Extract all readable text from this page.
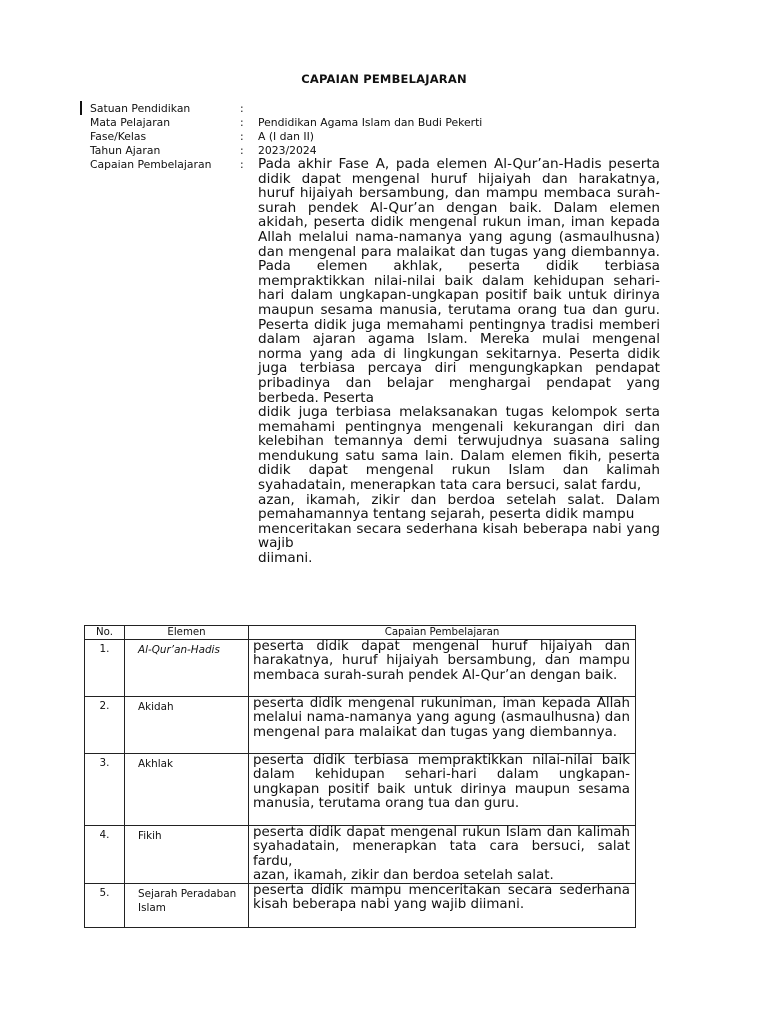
CAPAIAN PEMBELAJARAN
Satuan Pendidikan	:
Mata Pelajaran	:	Pendidikan Agama Islam dan Budi Pekerti
Fase/Kelas	:	A (I dan II)
Tahun Ajaran	:	2023/2024
Capaian Pembelajaran	:	Pada akhir Fase A, pada elemen Al-Qur’an-Hadis peserta didik dapat mengenal huruf hijaiyah dan harakatnya, huruf hijaiyah bersambung, dan mampu membaca surah-surah pendek Al-Qur’an dengan baik. Dalam elemen akidah, peserta didik mengenal rukun iman, iman kepada Allah melalui nama-namanya yang agung (asmaulhusna) dan mengenal para malaikat dan tugas yang diembannya. Pada elemen akhlak, peserta didik terbiasa mempraktikkan nilai-nilai baik dalam kehidupan sehari-hari dalam ungkapan-ungkapan positif baik untuk dirinya maupun sesama manusia, terutama orang tua dan guru. Peserta didik juga memahami pentingnya tradisi memberi dalam ajaran agama Islam. Mereka mulai mengenal norma yang ada di lingkungan sekitarnya. Peserta didik juga terbiasa percaya diri mengungkapkan pendapat pribadinya dan belajar menghargai pendapat yang berbeda. Peserta
didik juga terbiasa melaksanakan tugas kelompok serta memahami pentingnya mengenali kekurangan diri dan kelebihan temannya demi terwujudnya suasana saling mendukung satu sama lain. Dalam elemen fikih, peserta didik dapat mengenal rukun Islam dan kalimah syahadatain, menerapkan tata cara bersuci, salat fardu,
azan, ikamah, zikir dan berdoa setelah salat. Dalam pemahamannya tentang sejarah, peserta didik mampu
menceritakan secara sederhana kisah beberapa nabi yang wajib
diimani.
No.	Elemen	Capaian Pembelajaran
1.	Al-Qur’an-Hadis	peserta didik dapat mengenal huruf hijaiyah dan harakatnya, huruf hijaiyah bersambung, dan mampu membaca surah-surah pendek Al-Qur’an dengan baik.
2.	Akidah	peserta didik mengenal rukuniman, iman kepada Allah melalui nama-namanya yang agung (asmaulhusna) dan mengenal para malaikat dan tugas yang diembannya.
3.	Akhlak	peserta didik terbiasa mempraktikkan nilai-nilai baik dalam kehidupan sehari-hari dalam ungkapan-ungkapan positif baik untuk dirinya maupun sesama manusia, terutama orang tua dan guru.
4.	Fikih	peserta didik dapat mengenal rukun Islam dan kalimah syahadatain, menerapkan tata cara bersuci, salat fardu,
azan, ikamah, zikir dan berdoa setelah salat.

5.	Sejarah Peradaban Islam	peserta didik mampu menceritakan secara sederhana kisah beberapa nabi yang wajib diimani.
